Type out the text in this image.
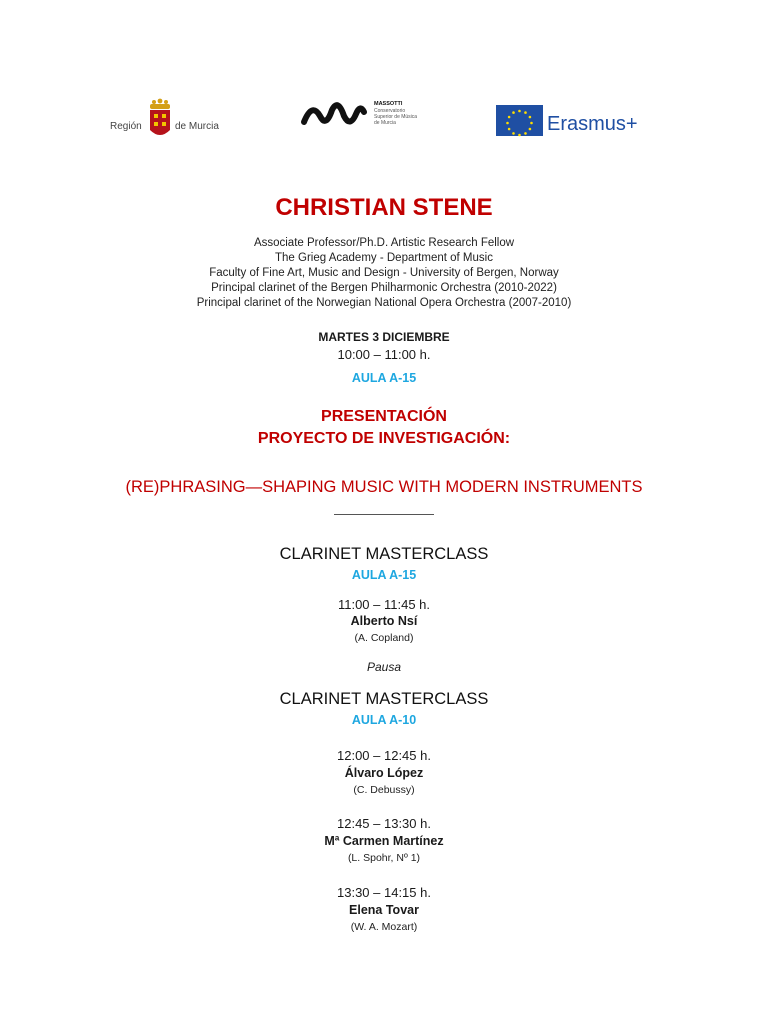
Región	de Murcia
MASSOTTI
Conservatorio
Superior de Música
de Murcia	Erasmus+
CHRISTIAN STENE
Associate Professor/Ph.D. Artistic Research Fellow
The Grieg Academy - Department of Music
Faculty of Fine Art, Music and Design - University of Bergen, Norway
Principal clarinet of the Bergen Philharmonic Orchestra (2010-2022)
Principal clarinet of the Norwegian National Opera Orchestra (2007-2010)
MARTES 3 DICIEMBRE
10:00 – 11:00 h.
AULA A-15
PRESENTACIÓN
PROYECTO DE INVESTIGACIÓN:
(RE)PHRASING—SHAPING MUSIC WITH MODERN INSTRUMENTS
CLARINET MASTERCLASS
AULA A-15
11:00 – 11:45 h.
Alberto Nsí
(A. Copland)
Pausa
CLARINET MASTERCLASS
AULA A-10
12:00 – 12:45 h.
Álvaro López
(C. Debussy)
12:45 – 13:30 h.
Mª Carmen Martínez
(L. Spohr, Nº 1)
13:30 – 14:15 h.
Elena Tovar
(W. A. Mozart)
